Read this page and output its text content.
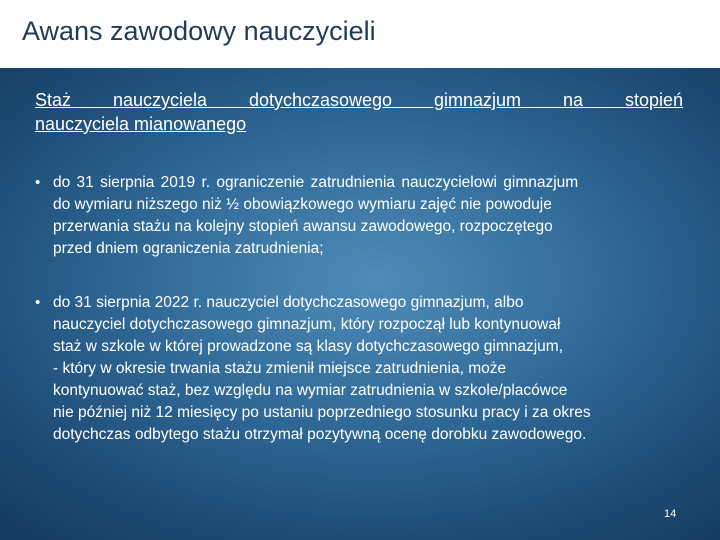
Awans zawodowy nauczycieli
Staż nauczyciela dotychczasowego gimnazjum na stopień
nauczyciela mianowanego
• do 31 sierpnia 2019 r. ograniczenie zatrudnienia nauczycielowi gimnazjum
do wymiaru niższego niż ½ obowiązkowego wymiaru zajęć nie powoduje
przerwania stażu na kolejny stopień awansu zawodowego, rozpoczętego
przed dniem ograniczenia zatrudnienia;
• do 31 sierpnia 2022 r. nauczyciel dotychczasowego gimnazjum, albo
nauczyciel dotychczasowego gimnazjum, który rozpoczął lub kontynuował
staż w szkole w której prowadzone są klasy dotychczasowego gimnazjum,
- który w okresie trwania stażu zmienił miejsce zatrudnienia, może
kontynuować staż, bez względu na wymiar zatrudnienia w szkole/placówce
nie później niż 12 miesięcy po ustaniu poprzedniego stosunku pracy i za okres
dotychczas odbytego stażu otrzymał pozytywną ocenę dorobku zawodowego.
14
